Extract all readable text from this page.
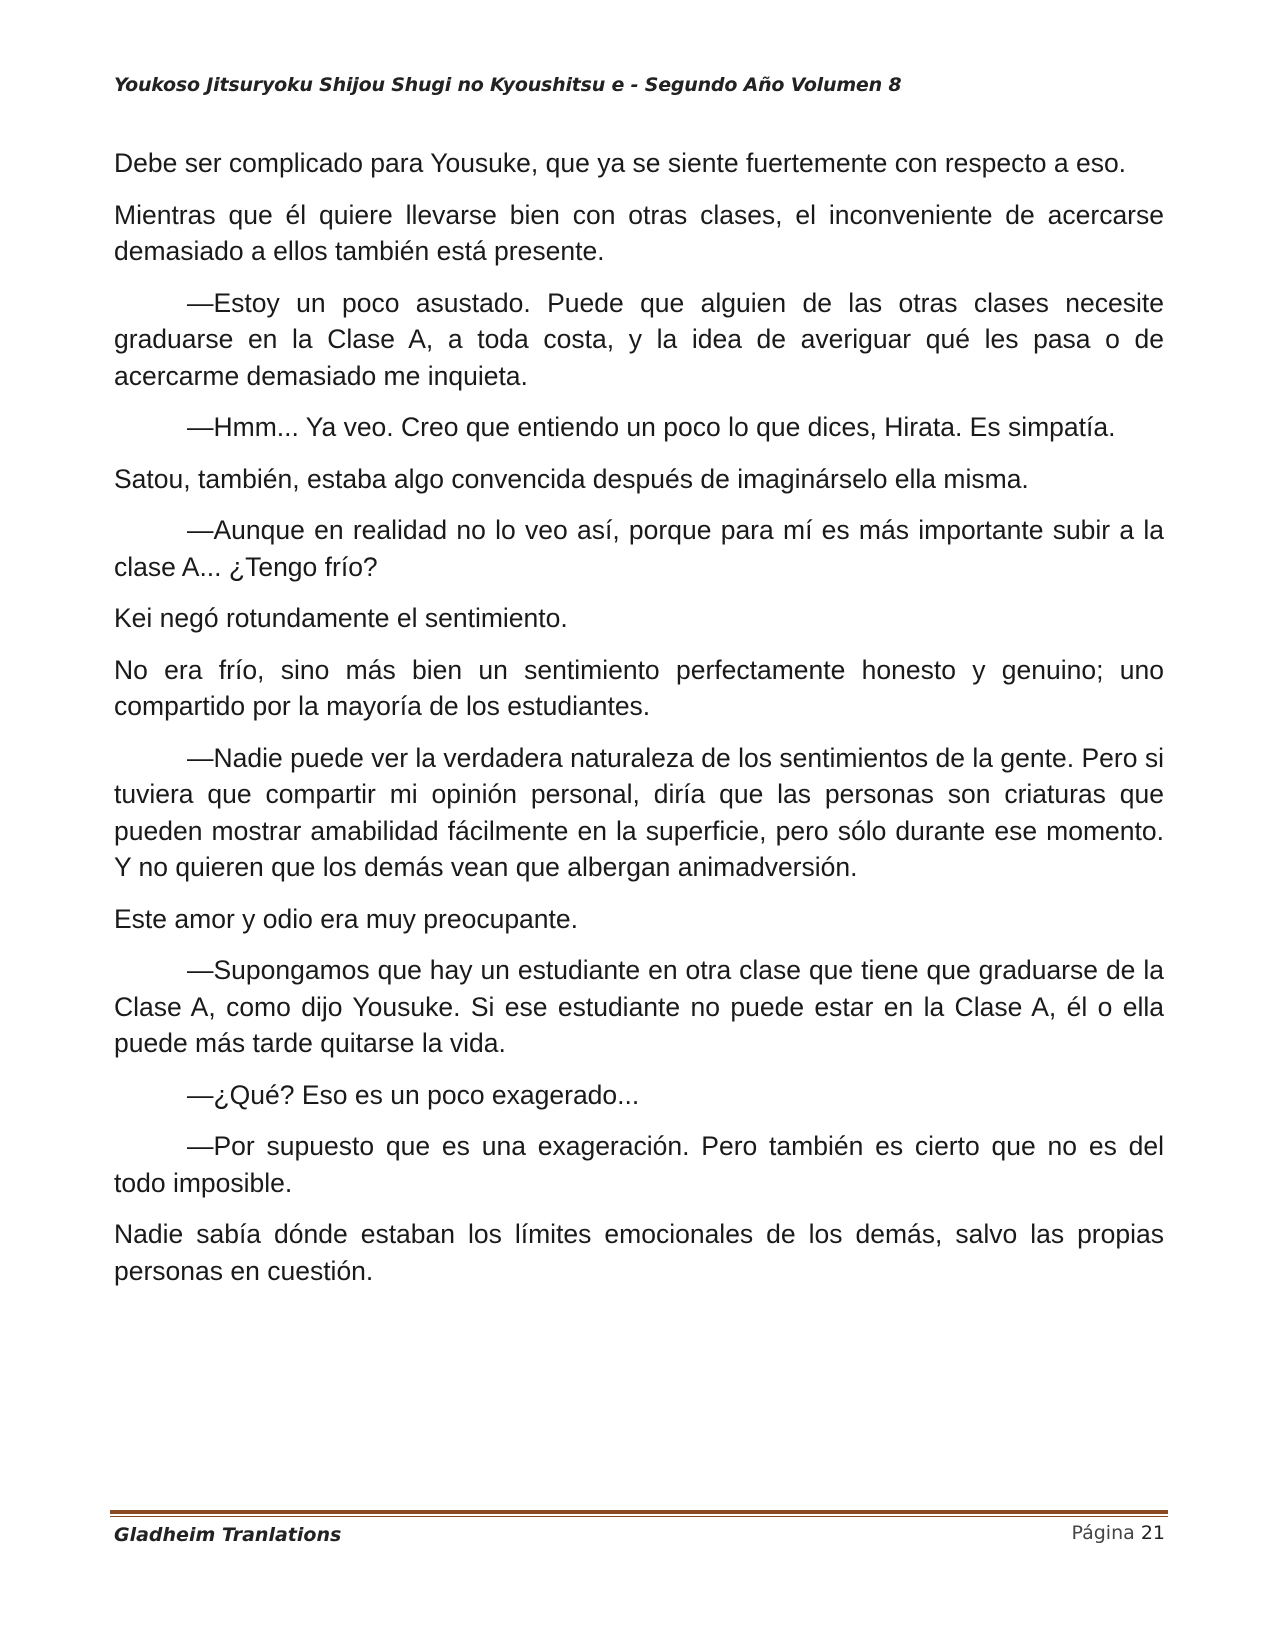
Youkoso Jitsuryoku Shijou Shugi no Kyoushitsu e - Segundo Año Volumen 8

Debe ser complicado para Yousuke, que ya se siente fuertemente con respecto a eso.

Mientras que él quiere llevarse bien con otras clases, el inconveniente de acercarse demasiado a ellos también está presente.

—Estoy un poco asustado. Puede que alguien de las otras clases necesite graduarse en la Clase A, a toda costa, y la idea de averiguar qué les pasa o de acercarme demasiado me inquieta.

—Hmm... Ya veo. Creo que entiendo un poco lo que dices, Hirata. Es simpatía.

Satou, también, estaba algo convencida después de imaginárselo ella misma.

—Aunque en realidad no lo veo así, porque para mí es más importante subir a la clase A... ¿Tengo frío?

Kei negó rotundamente el sentimiento.

No era frío, sino más bien un sentimiento perfectamente honesto y genuino; uno compartido por la mayoría de los estudiantes.

—Nadie puede ver la verdadera naturaleza de los sentimientos de la gente. Pero si tuviera que compartir mi opinión personal, diría que las personas son criaturas que pueden mostrar amabilidad fácilmente en la superficie, pero sólo durante ese momento. Y no quieren que los demás vean que albergan animadversión.

Este amor y odio era muy preocupante.

—Supongamos que hay un estudiante en otra clase que tiene que graduarse de la Clase A, como dijo Yousuke. Si ese estudiante no puede estar en la Clase A, él o ella puede más tarde quitarse la vida.

—¿Qué? Eso es un poco exagerado...

—Por supuesto que es una exageración. Pero también es cierto que no es del todo imposible.

Nadie sabía dónde estaban los límites emocionales de los demás, salvo las propias personas en cuestión.

Gladheim Tranlations	Página 21
